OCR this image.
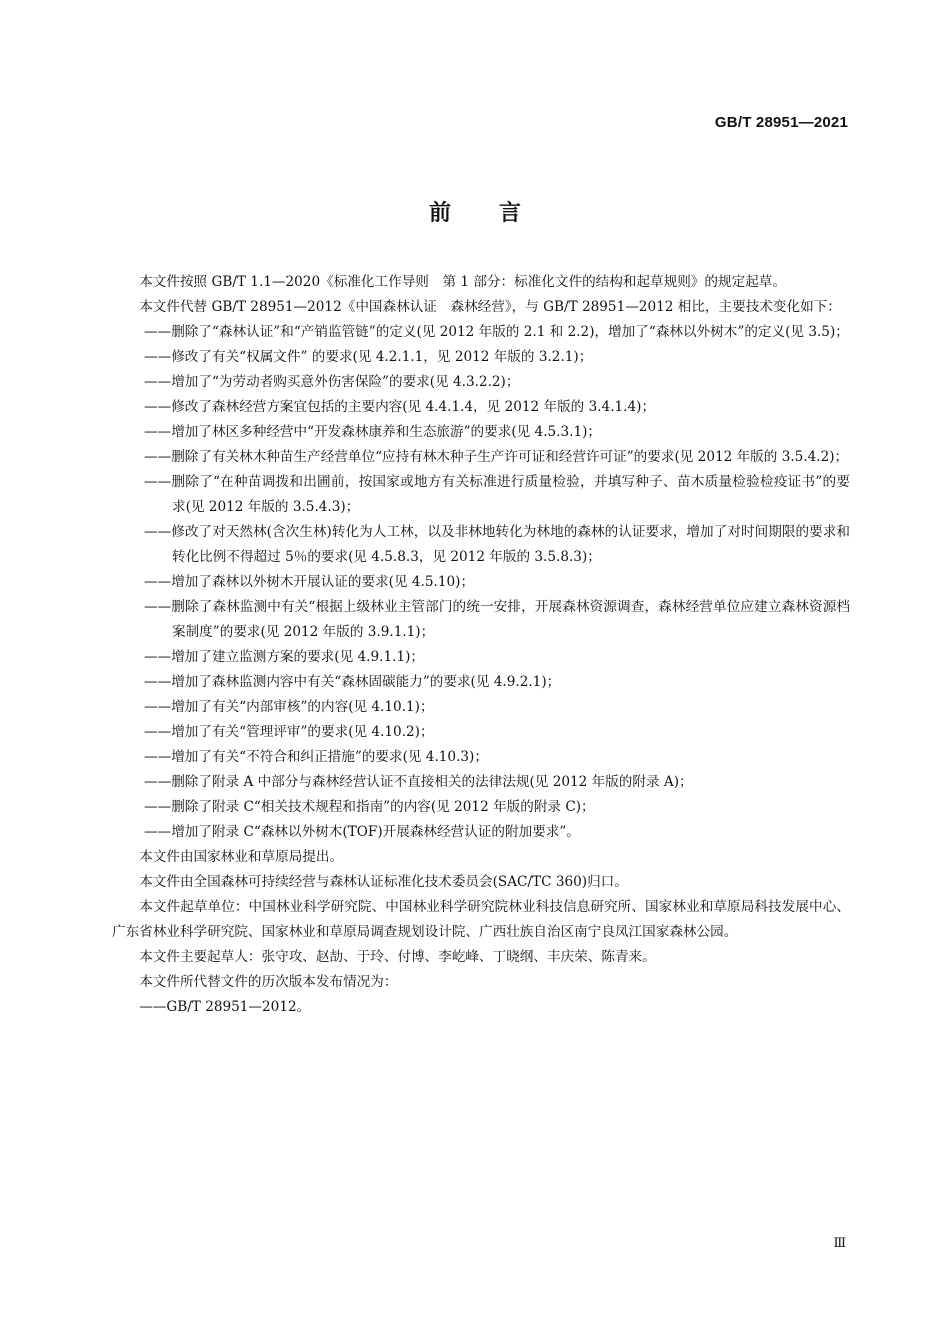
GB/T 28951—2021
前言

本文件按照 GB/T 1.1—2020《标准化工作导则　第 1 部分：标准化文件的结构和起草规则》的规定起草。

本文件代替 GB/T 28951—2012《中国森林认证　森林经营》，与 GB/T 28951—2012 相比，主要技术变化如下：

——删除了“森林认证”和“产销监管链”的定义(见 2012 年版的 2.1 和 2.2)，增加了“森林以外树木”的定义(见 3.5)；

——修改了有关“权属文件” 的要求(见 4.2.1.1，见 2012 年版的 3.2.1)；

——增加了“为劳动者购买意外伤害保险”的要求(见 4.3.2.2)；

——修改了森林经营方案宜包括的主要内容(见 4.4.1.4，见 2012 年版的 3.4.1.4)；

——增加了林区多种经营中“开发森林康养和生态旅游”的要求(见 4.5.3.1)；

——删除了有关林木种苗生产经营单位“应持有林木种子生产许可证和经营许可证”的要求(见 2012 年版的 3.5.4.2)；

——删除了“在种苗调拨和出圃前，按国家或地方有关标准进行质量检验，并填写种子、苗木质量检验检疫证书”的要求(见 2012 年版的 3.5.4.3)；

——修改了对天然林(含次生林)转化为人工林，以及非林地转化为林地的森林的认证要求，增加了对时间期限的要求和转化比例不得超过 5％的要求(见 4.5.8.3，见 2012 年版的 3.5.8.3)；

——增加了森林以外树木开展认证的要求(见 4.5.10)；

——删除了森林监测中有关“根据上级林业主管部门的统一安排，开展森林资源调查，森林经营单位应建立森林资源档案制度”的要求(见 2012 年版的 3.9.1.1)；

——增加了建立监测方案的要求(见 4.9.1.1)；

——增加了森林监测内容中有关“森林固碳能力”的要求(见 4.9.2.1)；

——增加了有关“内部审核”的内容(见 4.10.1)；

——增加了有关“管理评审”的要求(见 4.10.2)；

——增加了有关“不符合和纠正措施”的要求(见 4.10.3)；

——删除了附录 A 中部分与森林经营认证不直接相关的法律法规(见 2012 年版的附录 A)；

——删除了附录 C“相关技术规程和指南”的内容(见 2012 年版的附录 C)；

——增加了附录 C“森林以外树木(TOF)开展森林经营认证的附加要求”。

本文件由国家林业和草原局提出。

本文件由全国森林可持续经营与森林认证标准化技术委员会(SAC/TC 360)归口。

本文件起草单位：中国林业科学研究院、中国林业科学研究院林业科技信息研究所、国家林业和草原局科技发展中心、广东省林业科学研究院、国家林业和草原局调查规划设计院、广西壮族自治区南宁良凤江国家森林公园。

本文件主要起草人：张守攻、赵劼、于玲、付博、李屹峰、丁晓纲、丰庆荣、陈青来。

本文件所代替文件的历次版本发布情况为：

——GB/T 28951—2012。

Ⅲ
